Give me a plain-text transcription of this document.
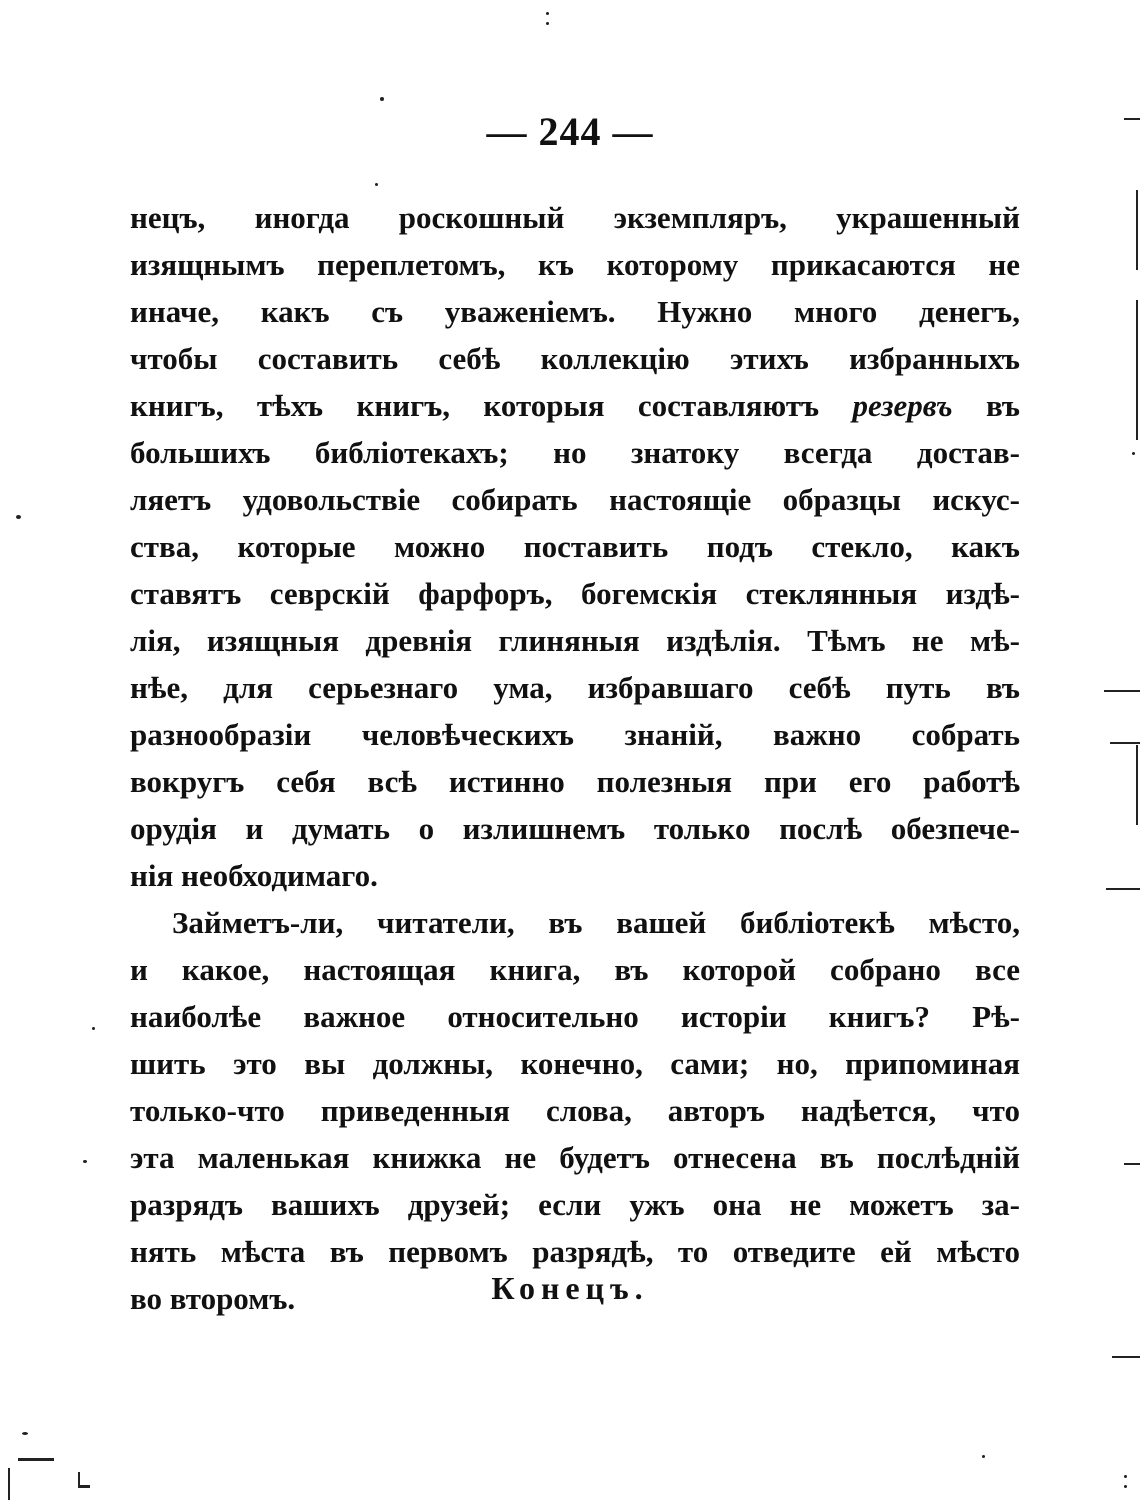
— 244 —
нецъ, иногда роскошный экземпляръ, украшенный
изящнымъ переплетомъ, къ которому прикасаются не
иначе, какъ съ уваженіемъ. Нужно много денегъ,
чтобы составить себѣ коллекцію этихъ избранныхъ
книгъ, тѣхъ книгъ, которыя составляютъ резервъ въ
большихъ библіотекахъ; но знатоку всегда достав-
ляетъ удовольствіе собирать настоящіе образцы искус-
ства, которые можно поставить подъ стекло, какъ
ставятъ севрскій фарфоръ, богемскія стеклянныя издѣ-
лія, изящныя древнія глиняныя издѣлія. Тѣмъ не мѣ-
нѣе, для серьезнаго ума, избравшаго себѣ путь въ
разнообразіи человѣческихъ знаній, важно собрать
вокругъ себя всѣ истинно полезныя при его работѣ
орудія и думать о излишнемъ только послѣ обезпече-
нія необходимаго.
Займетъ-ли, читатели, въ вашей библіотекѣ мѣсто,
и какое, настоящая книга, въ которой собрано все
наиболѣе важное относительно исторіи книгъ? Рѣ-
шить это вы должны, конечно, сами; но, припоминая
только-что приведенныя слова, авторъ надѣется, что
эта маленькая книжка не будетъ отнесена въ послѣдній
разрядъ вашихъ друзей; если ужъ она не можетъ за-
нять мѣста въ первомъ разрядѣ, то отведите ей мѣсто
во второмъ.	Конецъ.
